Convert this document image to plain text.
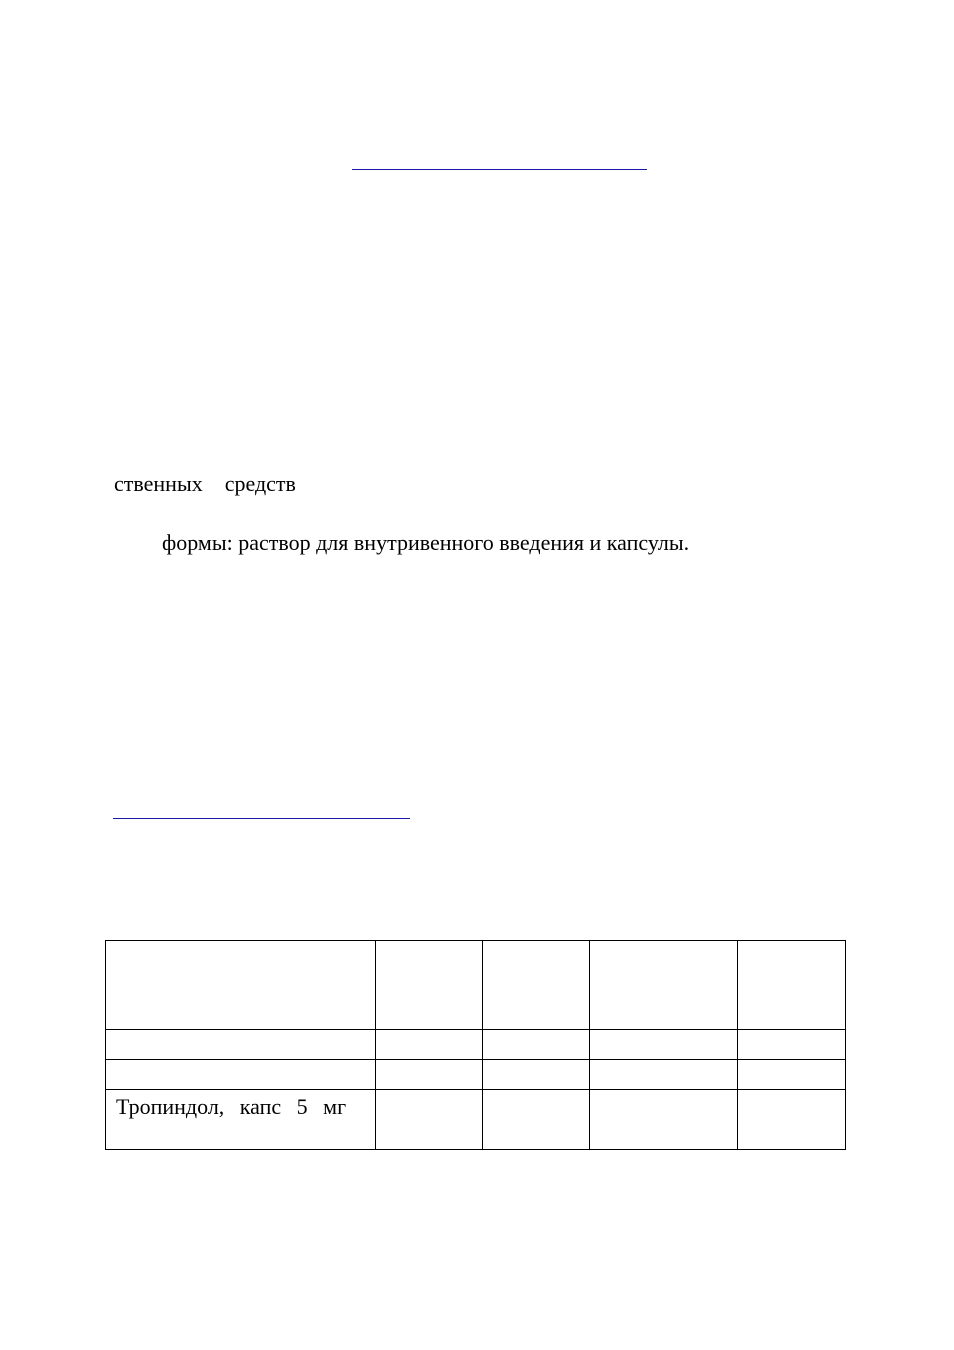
ственных средств
формы: раствор для внутривенного введения и капсулы.

Тропиндол, капс 5 мг				
